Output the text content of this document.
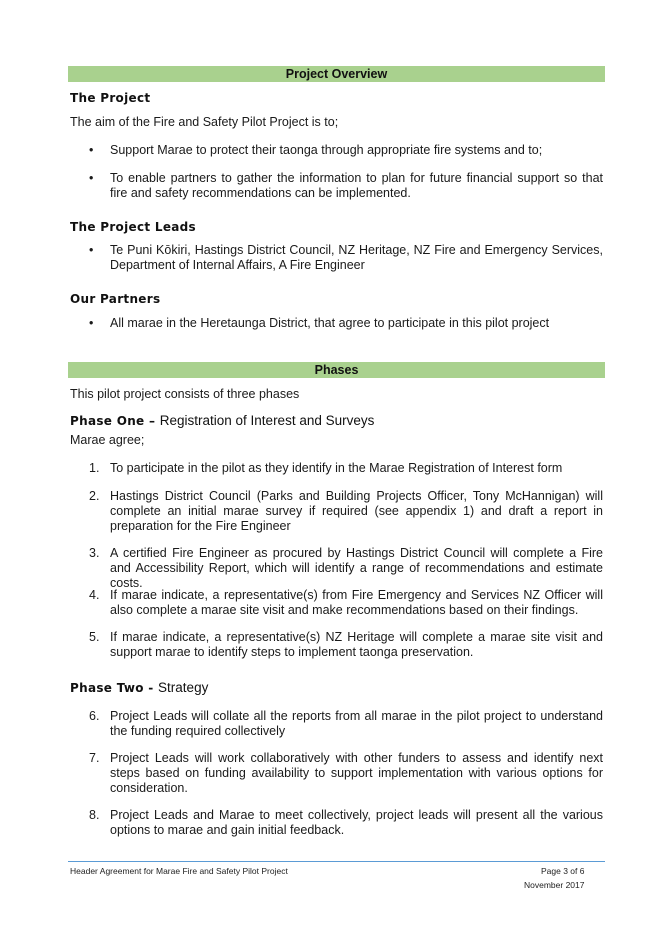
Project Overview
The Project
The aim of the Fire and Safety Pilot Project is to;
• Support Marae to protect their taonga through appropriate fire systems and to;
• To enable partners to gather the information to plan for future financial support so that fire and safety recommendations can be implemented.
The Project Leads
• Te Puni Kōkiri, Hastings District Council, NZ Heritage, NZ Fire and Emergency Services, Department of Internal Affairs, A Fire Engineer
Our Partners
• All marae in the Heretaunga District, that agree to participate in this pilot project
Phases
This pilot project consists of three phases
Phase One – Registration of Interest and Surveys
Marae agree;
1. To participate in the pilot as they identify in the Marae Registration of Interest form
2. Hastings District Council (Parks and Building Projects Officer, Tony McHannigan) will complete an initial marae survey if required (see appendix 1) and draft a report in preparation for the Fire Engineer
3. A certified Fire Engineer as procured by Hastings District Council will complete a Fire and Accessibility Report, which will identify a range of recommendations and estimate costs.
4. If marae indicate, a representative(s) from Fire Emergency and Services NZ Officer will also complete a marae site visit and make recommendations based on their findings.
5. If marae indicate, a representative(s) NZ Heritage will complete a marae site visit and support marae to identify steps to implement taonga preservation.
Phase Two - Strategy
6. Project Leads will collate all the reports from all marae in the pilot project to understand the funding required collectively
7. Project Leads will work collaboratively with other funders to assess and identify next steps based on funding availability to support implementation with various options for consideration.
8. Project Leads and Marae to meet collectively, project leads will present all the various options to marae and gain initial feedback.
Header Agreement for Marae Fire and Safety Pilot Project	Page 3 of 6
November 2017
